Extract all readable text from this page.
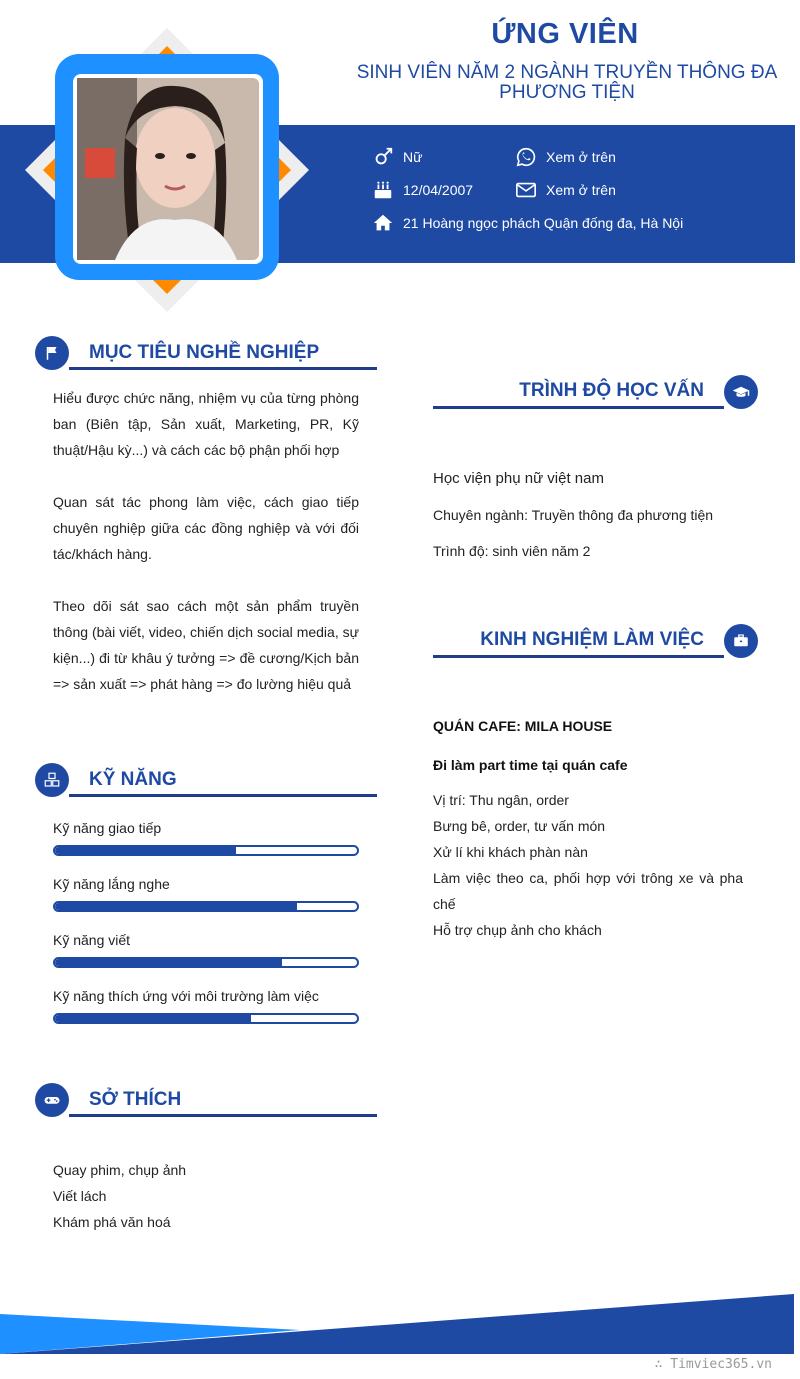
ỨNG VIÊN
SINH VIÊN NĂM 2 NGÀNH TRUYỀN THÔNG ĐA PHƯƠNG TIỆN
Nữ	Xem ở trên
12/04/2007	Xem ở trên
21 Hoàng ngọc phách Quận đống đa, Hà Nội
MỤC TIÊU NGHỀ NGHIỆP

Hiểu được chức năng, nhiệm vụ của từng phòng ban (Biên tập, Sản xuất, Marketing, PR, Kỹ thuật/Hậu kỳ...) và cách các bộ phận phối hợp

Quan sát tác phong làm việc, cách giao tiếp chuyên nghiệp giữa các đồng nghiệp và với đối tác/khách hàng.

Theo dõi sát sao cách một sản phẩm truyền thông (bài viết, video, chiến dịch social media, sự kiện...) đi từ khâu ý tưởng => đề cương/Kịch bản => sản xuất => phát hàng => đo lường hiệu quả

KỸ NĂNG
Kỹ năng giao tiếp
Kỹ năng lắng nghe
Kỹ năng viết
Kỹ năng thích ứng với môi trường làm việc
SỞ THÍCH
Quay phim, chụp ảnh
Viết lách
Khám phá văn hoá
TRÌNH ĐỘ HỌC VẤN
Học viện phụ nữ việt nam
Chuyên ngành: Truyền thông đa phương tiện
Trình độ: sinh viên năm 2
KINH NGHIỆM LÀM VIỆC
QUÁN CAFE: MILA HOUSE
Đi làm part time tại quán cafe

Vị trí: Thu ngân, order

Bưng bê, order, tư vấn món

Xử lí khi khách phàn nàn

Làm việc theo ca, phối hợp với trông xe và pha chế

Hỗ trợ chụp ảnh cho khách

∴ Timviec365.vn
